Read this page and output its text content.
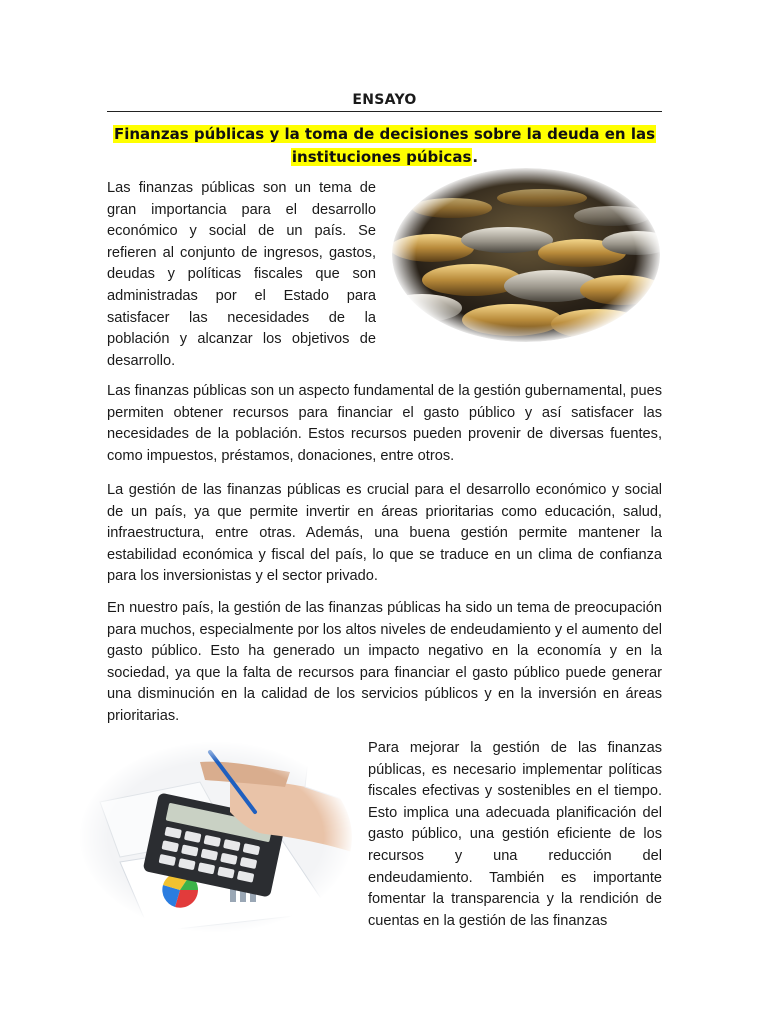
ENSAYO
Finanzas públicas y la toma de decisiones sobre la deuda en las
instituciones púbicas.

Las finanzas públicas son un tema de gran importancia para el desarrollo económico y social de un país. Se refieren al conjunto de ingresos, gastos, deudas y políticas fiscales que son administradas por el Estado para satisfacer las necesidades de la población y alcanzar los objetivos de desarrollo.

Las finanzas públicas son un aspecto fundamental de la gestión gubernamental, pues permiten obtener recursos para financiar el gasto público y así satisfacer las necesidades de la población. Estos recursos pueden provenir de diversas fuentes, como impuestos, préstamos, donaciones, entre otros.

La gestión de las finanzas públicas es crucial para el desarrollo económico y social de un país, ya que permite invertir en áreas prioritarias como educación, salud, infraestructura, entre otras. Además, una buena gestión permite mantener la estabilidad económica y fiscal del país, lo que se traduce en un clima de confianza para los inversionistas y el sector privado.

En nuestro país, la gestión de las finanzas públicas ha sido un tema de preocupación para muchos, especialmente por los altos niveles de endeudamiento y el aumento del gasto público. Esto ha generado un impacto negativo en la economía y en la sociedad, ya que la falta de recursos para financiar el gasto público puede generar una disminución en la calidad de los servicios públicos y en la inversión en áreas prioritarias.

Para mejorar la gestión de las finanzas públicas, es necesario implementar políticas fiscales efectivas y sostenibles en el tiempo. Esto implica una adecuada planificación del gasto público, una gestión eficiente de los recursos y una reducción del endeudamiento. También es importante fomentar la transparencia y la rendición de cuentas en la gestión de las finanzas
